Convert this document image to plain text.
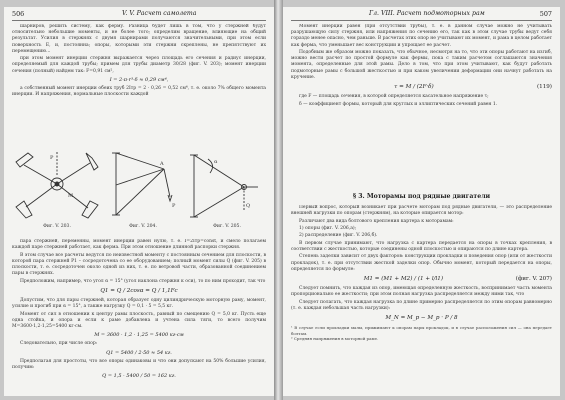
506	V. V. Расчет самолета

шарниров, решить систему, как ферму. Разница будет лишь в том, что у стержней будут относительно небольшие моменты, и не более того; определим вращение, влияющие на общий результат. Усилия в стержнях с двумя шарнирами получаются значительными, при этом если поверхность Е, и, постоянна; опоры, которыми эти стержни скреплены, не препятствуют их перемещению...

при этом момент инерции стержня выражается через площадь его сечения и радиус инерции, определяемый для каждой трубы; примем для трубы диаметр 30/28 (фиг. V. 203); момент инерции сечения (полный) найдем так: F=0,91 см²,

I = 2·π·r³·δ ≈ 0,29 см⁴,

а собственный момент инерции обеих труб 2Iтр = 2 · 0,26 = 0,52 см⁴, т. е. около 7% общего момента инерции. И напряжения, нормальные плоскости каждой

P
M
Фиг. V. 203.
A
P
Фиг. V. 204.
α
Q
Фиг. V. 205.

пара стержней, переменны, момент инерции равен нулю, т. е. I=2Iтр=const, и смело полагаем каждой паре стержней работает, как ферма. При этом отношение длинной распорки стержня.

В этом случае все расчеты ведутся по неизвестной моменту с постоянным сечением для плоскости, в которой пара стержней P1 – сосредоточена со ее оборудованием; полный момент силы Q (фиг. V. 205) в плоскости, т. е. сосредоточен около одной из них, т. е. по ветровой части, образованной соединением пары в стержнях.

Предположим, например, что угол α = 15° (угол наклона стержня к оси), то по ним проходит, так что

Q1 = Q / 2cosα = Q / 1,1Fc

Допустим, что для пары стержней, которая образует одну цилиндрическую моторную раму, момент, усилие и прогиб при α = 15°, а также нагрузку Q = 0,1 · 5 = 5,5 кг.

Момент от сил в отношении к центру рамы плоскость, равный по смещению Q = 5,0 кг. Пусть еще одна стойка, и опора и если к раме добавлена и учтена сила тяги, то всего получим M=3600·1,2·1,25=5400 кг·см.

M = 3600 · 1,2 · 1,25 = 5400 кг·см

Следовательно, при числе опор:

Q1 = 5400 / 2·50 ≈ 54 кг.

Предполагая для простоты, что все опоры одинаковы и что они допускают на 50% большие усилия, получим:

Q = 1,5 · 5400 / 50 = 162 кг.
Гл. VIII. Расчет подмоторных рам	507

Момент инерции равен (при отсутствии трубы), т. е. в данном случае можно не учитывать разрушающую силу стержня, или напряжения по сечению его, так как в этом случае трубы ведут себя гораздо менее опасно, чем раньше. В расчетах этих опор не учитывают их момент, и рама в целом работает как ферма, что уменьшает вес конструкции и упрощает ее расчет.

Подобным же образом можно показать, что обычное, несмотря на то, что эти опоры работают на изгиб, можно вести расчет по простой формуле как фермы, пока с таким расчетом соглашаются значения момента, определенные для этой рамы. Дело в том, что при этом учитывают, как будут работать подмоторные рамы с большой жесткостью и при каком увеличении деформации они начнут работать на кручение.

τ = M / (2F·δ)	(119)

где F — площадь сечения, в которой определяется касательное напряжение τ;

δ — коэффициент формы, который для круглых и эллиптических сечений равен 1.

§ 3. Моторамы под рядные двигатели

Первый вопрос, который возникает при расчете моторам под рядные двигатели, — это распределение внешней нагрузки по опорам (стержням), на которые опирается мотор:

Различают два вида болтового крепления картера к моторамам:

1) опоры (фиг. V. 206,а);

2) распределение (фиг. V. 206,б).

В первом случае принимают, что нагрузка с картера передается на опоры в точках крепления, в соответствии с жесткостью, которые соединены одной плоскостью и опираются по длине картера.

Степень заделки зависит от двух факторов: конструкции прокладки и поведения опор (или от жесткости прокладок), т. е. при отсутствии жесткой заделки опор. Обычно момент, который передается на опоры, определяется по формуле:

M1 = (M1 + M2) / (1 + l/l1)	(фиг. V. 207)

Следует помнить, что каждая из опор, имеющая определенную жесткость, воспринимает часть момента пропорционально ее жесткости; при этом полная нагрузка распределяется между ними так, что

Следует полагать, что каждая нагрузка по длине примерно распределяется по этим опорам равномерно (т. е. каждая небольшая часть нагрузки):

M_N = M_p − M_p · P / 8
¹ В случае если прокладки малы, прижимают к опорам пары прокладок, и в случае расположения сил — она передает болтам.
² Средняя напряжения в моторной раме.
